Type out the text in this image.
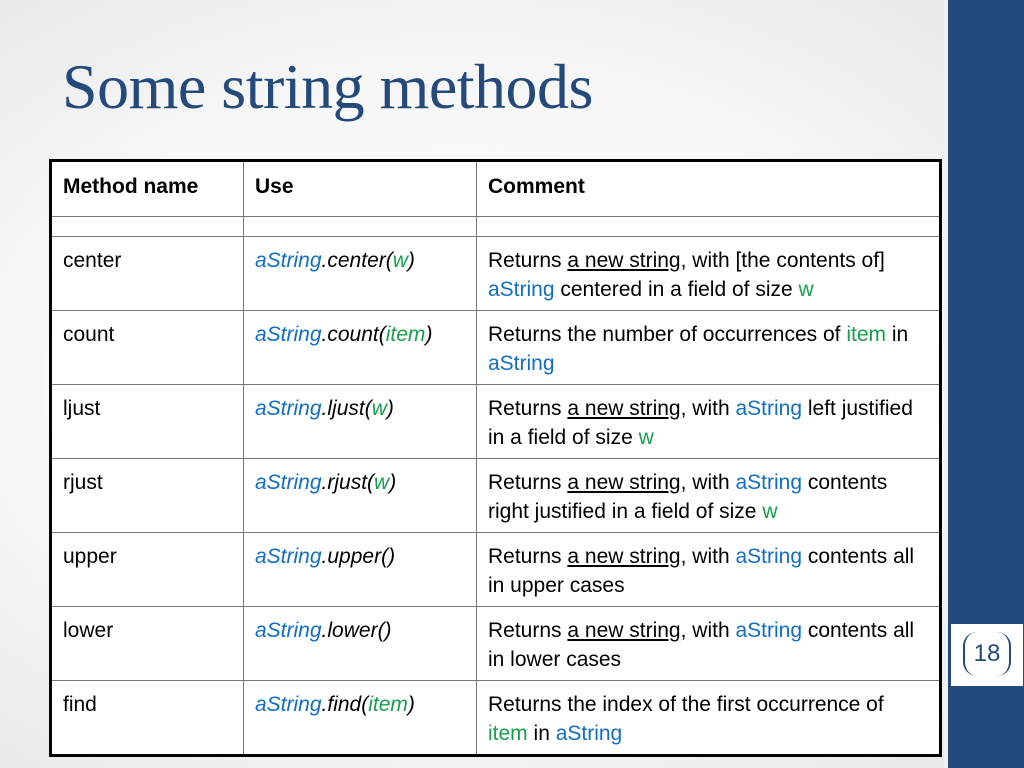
18
Some string methods
Method name	Use	Comment

center	aString.center(w)	Returns a new string, with [the contents of] aString centered in a field of size w
count	aString.count(item)	Returns the number of occurrences of item in aString
ljust	aString.ljust(w)	Returns a new string, with aString left justified in a field of size w
rjust	aString.rjust(w)	Returns a new string, with aString contents right justified in a field of size w
upper	aString.upper()	Returns a new string, with aString contents all in upper cases
lower	aString.lower()	Returns a new string, with aString contents all in lower cases
find	aString.find(item)	Returns the index of the first occurrence of item in aString
